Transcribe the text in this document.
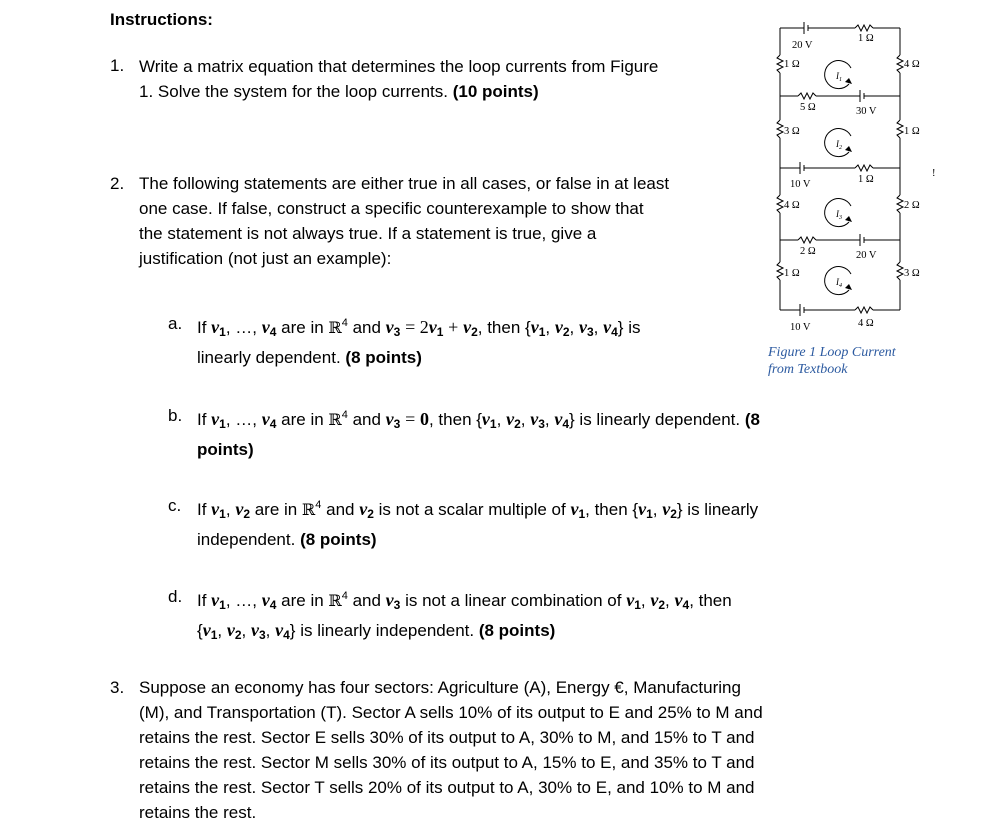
Instructions:
1. Write a matrix equation that determines the loop currents from Figure
1. Solve the system for the loop currents. (10 points)
2. The following statements are either true in all cases, or false in at least
one case. If false, construct a specific counterexample to show that
the statement is not always true. If a statement is true, give a
justification (not just an example):
a. If $v_1$, …, $v_4$ are in ℝ$^4$ and $v_3 = 2v_1 + v_2$, then {$v_1$, $v_2$, $v_3$, $v_4$} is
linearly dependent. (8 points)
b. If $v_1$, …, $v_4$ are in ℝ$^4$ and $v_3 = 0$, then {$v_1$, $v_2$, $v_3$, $v_4$} is linearly dependent. (8
points)
c. If $v_1$, $v_2$ are in ℝ$^4$ and $v_2$ is not a scalar multiple of $v_1$, then {$v_1$, $v_2$} is linearly
independent. (8 points)
d. If $v_1$, …, $v_4$ are in ℝ$^4$ and $v_3$ is not a linear combination of $v_1$, $v_2$, $v_4$, then
{$v_1$, $v_2$, $v_3$, $v_4$} is linearly independent. (8 points)
3. Suppose an economy has four sectors: Agriculture (A), Energy €, Manufacturing
(M), and Transportation (T). Sector A sells 10% of its output to E and 25% to M and
retains the rest. Sector E sells 30% of its output to A, 30% to M, and 15% to T and
retains the rest. Sector M sells 30% of its output to A, 15% to E, and 35% to T and
retains the rest. Sector T sells 20% of its output to A, 30% to E, and 10% to M and
retains the rest.
20 V
1 Ω
1 Ω	4 Ω
5 Ω	30 V
3 Ω	1 Ω
10 V	1 Ω
!
4 Ω	2 Ω
2 Ω	20 V
1 Ω	3 Ω
10 V	4 Ω
$I_1$
$I_2$
$I_3$
$I_4$
Figure 1 Loop Current
from Textbook
